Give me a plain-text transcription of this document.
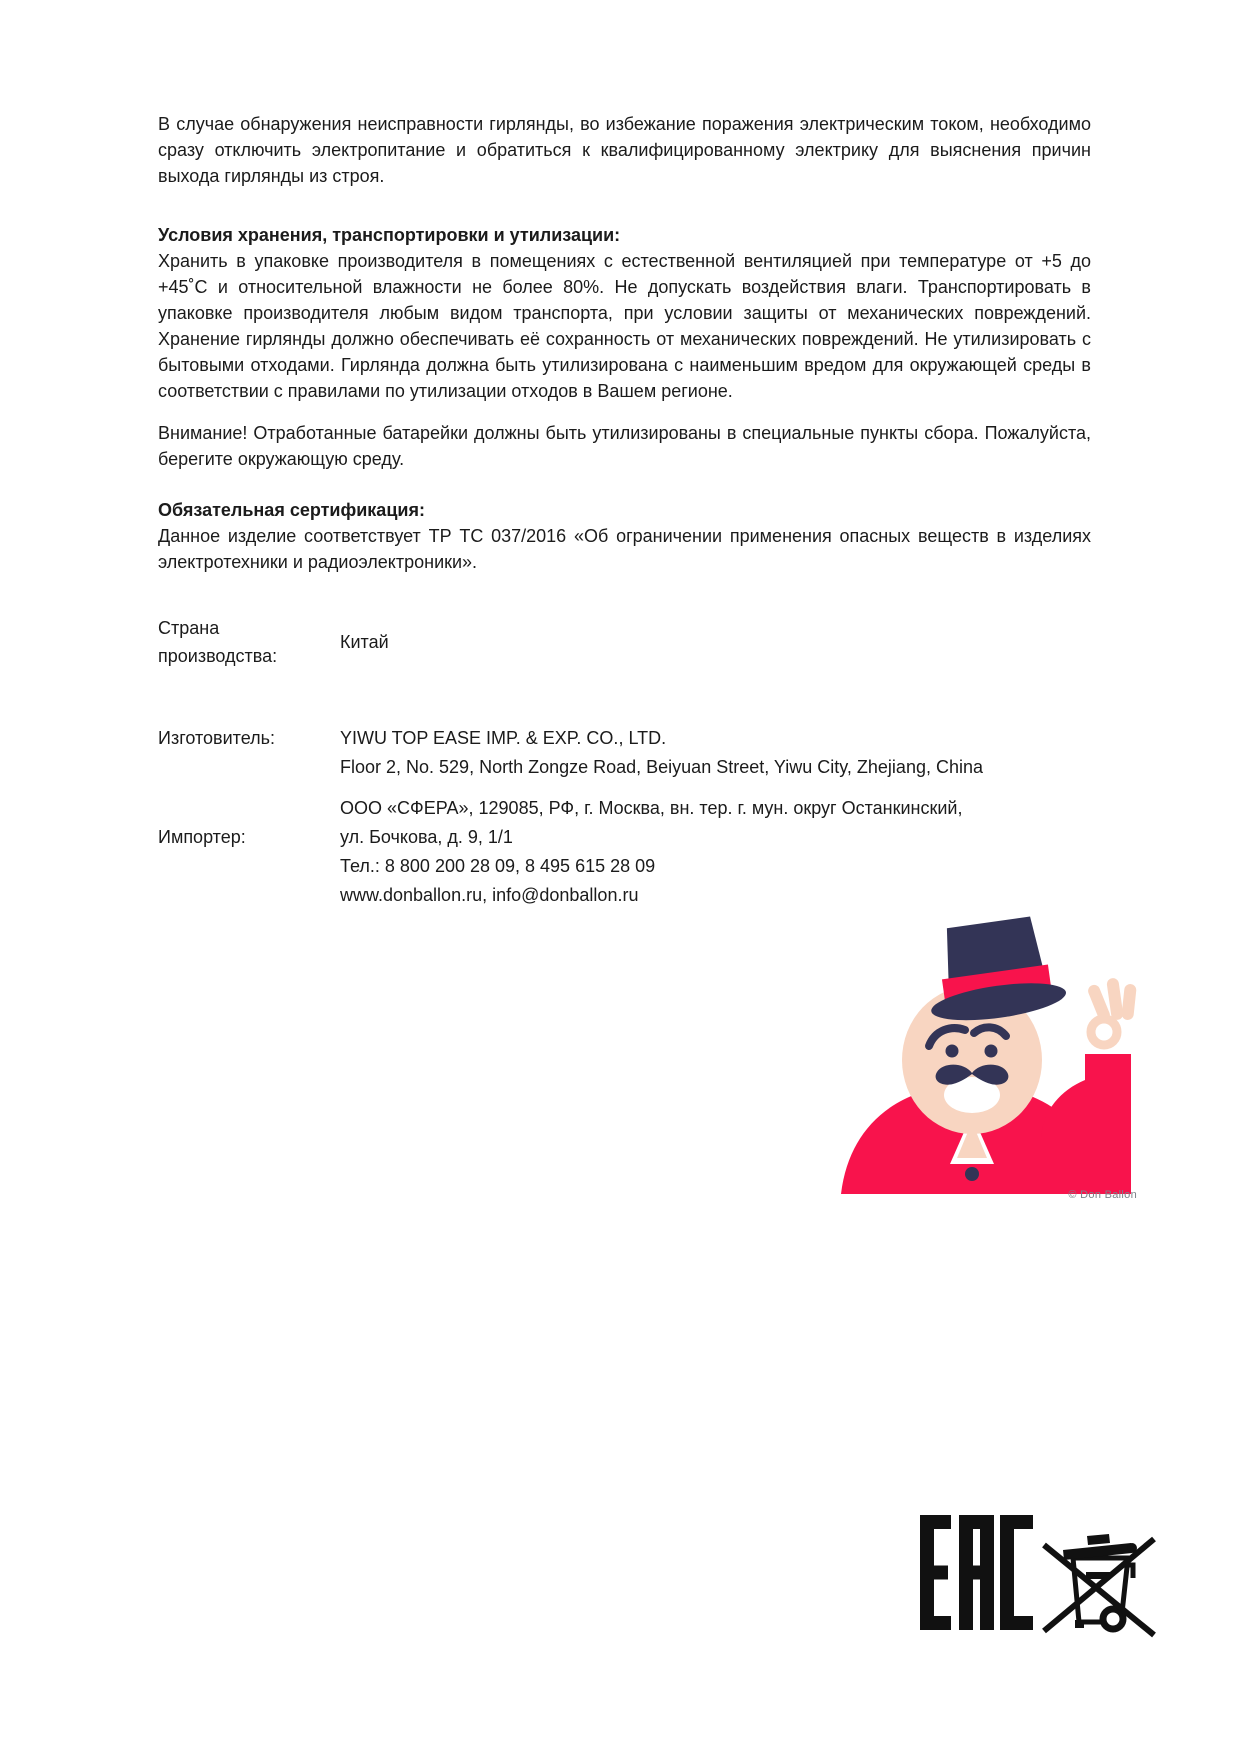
В случае обнаружения неисправности гирлянды, во избежание поражения электрическим током, необходимо сразу отключить электропитание и обратиться к квалифицированному электрику для выяснения причин выхода гирлянды из строя.

Условия хранения, транспортировки и утилизации:

Хранить в упаковке производителя в помещениях с естественной вентиляцией при температуре от +5 до +45˚С и относительной влажности не более 80%. Не допускать воздействия влаги. Транспортировать в упаковке производителя любым видом транспорта, при условии защиты от механических повреждений. Хранение гирлянды должно обеспечивать её сохранность от механических повреждений. Не утилизировать с бытовыми отходами. Гирлянда должна быть утилизирована с наименьшим вредом для окружающей среды в соответствии с правилами по утилизации отходов в Вашем регионе.

Внимание! Отработанные батарейки должны быть утилизированы в специальные пункты сбора. Пожалуйста, берегите окружающую среду.

Обязательная сертификация:

Данное изделие соответствует ТР ТС 037/2016 «Об ограничении применения опасных веществ в изделиях электротехники и радиоэлектроники».

Страна производства:
Китай
Изготовитель:	YIWU TOP EASE IMP. & EXP. CO., LTD.
Floor 2, No. 529, North Zongze Road, Beiyuan Street, Yiwu City, Zhejiang, China
Импортер:
ООО «СФЕРА», 129085, РФ, г. Москва, вн. тер. г. мун. округ Останкинский,
ул. Бочкова, д. 9, 1/1
Тел.: 8 800 200 28 09, 8 495 615 28 09
www.donballon.ru, info@donballon.ru
© Don Ballon
